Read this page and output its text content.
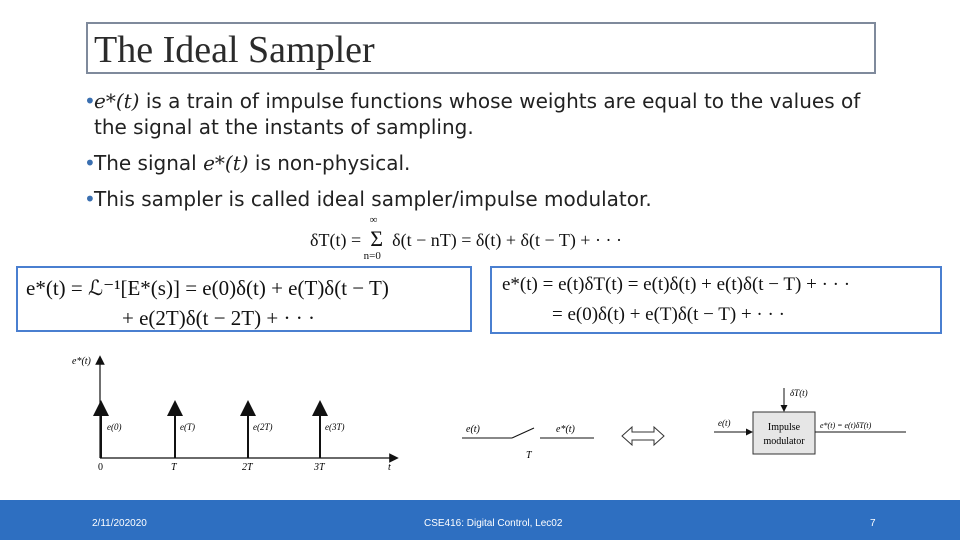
The Ideal Sampler
•
e*(t) is a train of impulse functions whose weights are equal to the values of the signal at the instants of sampling.
•
The signal e*(t) is non-physical.
•
This sampler is called ideal sampler/impulse modulator.
δT(t) = Σ
∞
n=0
δ(t − nT) = δ(t) + δ(t − T) + · · ·
e*(t) = ℒ⁻¹[E*(s)] = e(0)δ(t) + e(T)δ(t − T)
+ e(2T)δ(t − 2T) + · · ·
e*(t) = e(t)δT(t) = e(t)δ(t) + e(t)δ(t − T) + · · ·
= e(0)δ(t) + e(T)δ(t − T) + · · ·
e*(t)
t
e(0)	e(T)	e(2T)	e(3T)
0	T	2T	3T
e(t)	e*(t)
T
e(t)	Impulse
modulator
δT(t)
e*(t) = e(t)δT(t)
2/11/202020	CSE416: Digital Control, Lec02	7
